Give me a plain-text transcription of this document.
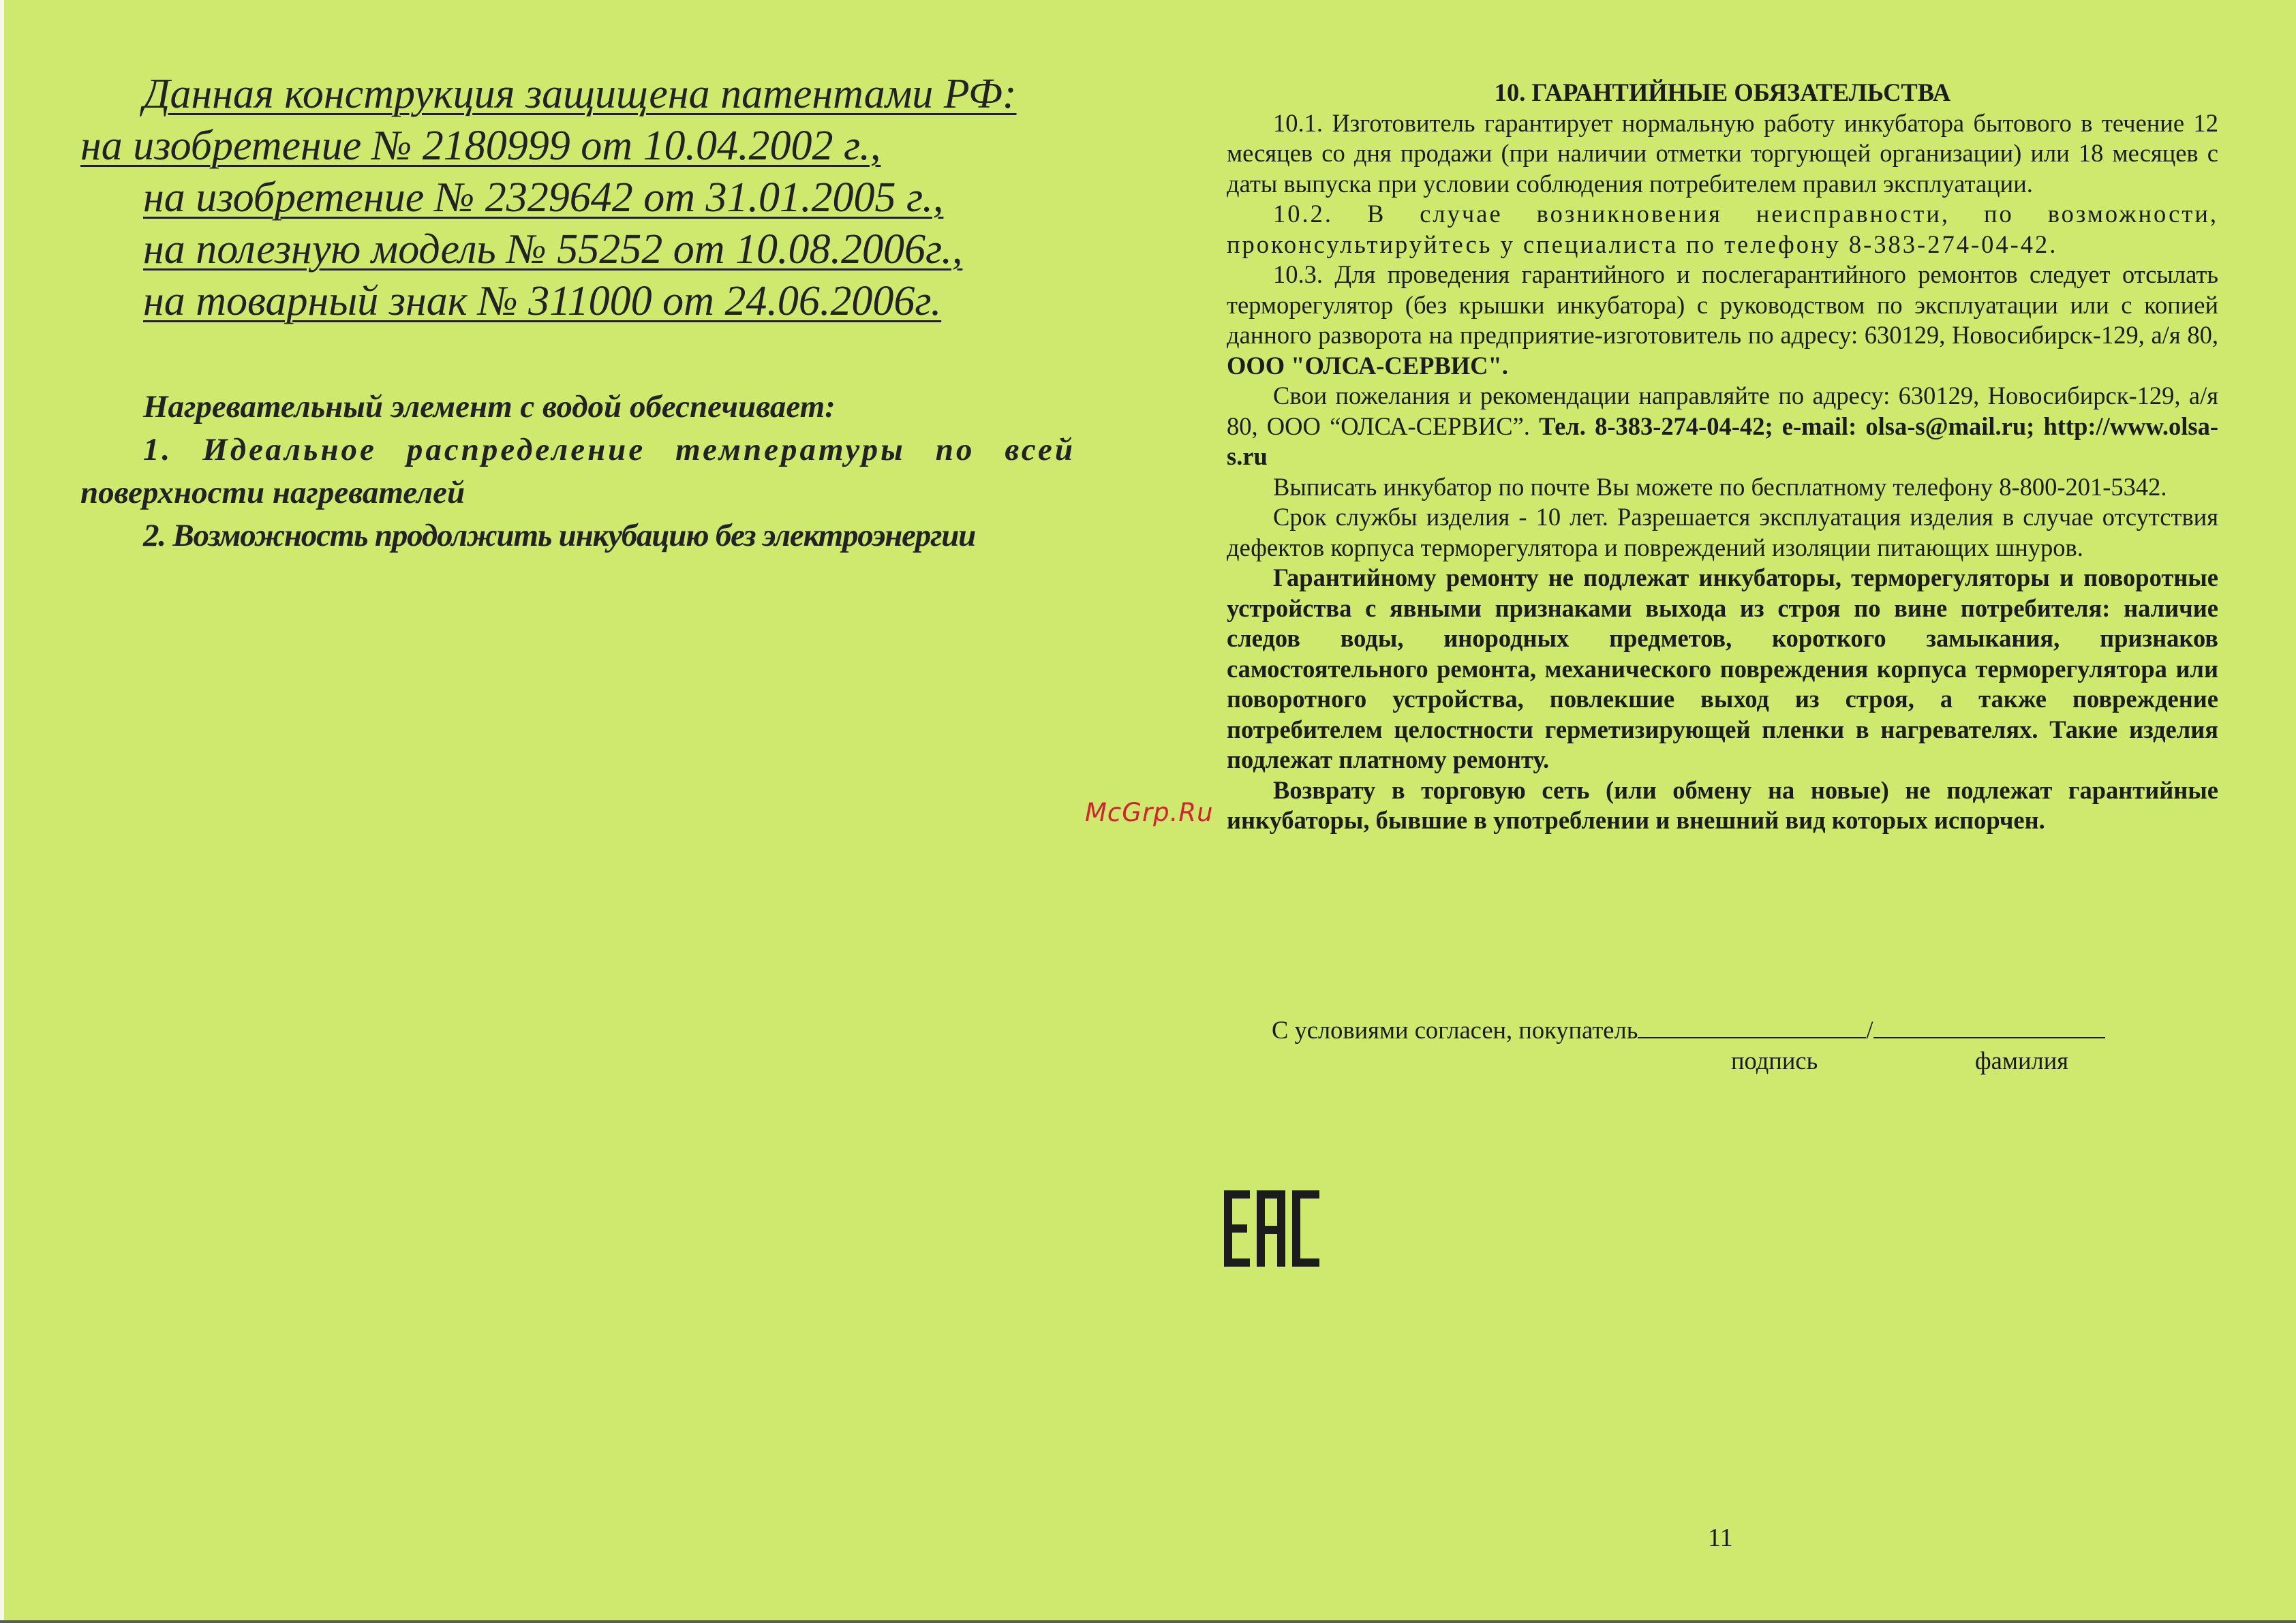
Данная конструкция защищена патентами РФ:
на изобретение № 2180999 от 10.04.2002 г.,
на изобретение № 2329642 от 31.01.2005 г.,
на полезную модель № 55252 от 10.08.2006г.,
на товарный знак № 311000 от 24.06.2006г.
Нагревательный элемент с водой обеспечивает:
1. Идеальное распределение температуры по всей
поверхности нагревателей
2. Возможность продолжить инкубацию без электроэнергии
10. ГАРАНТИЙНЫЕ ОБЯЗАТЕЛЬСТВА

10.1. Изготовитель гарантирует нормальную работу инкубатора бытового в течение 12 месяцев со дня продажи (при наличии отметки торгующей организации) или 18 месяцев с даты выпуска при условии соблюдения потребителем правил эксплуатации.

10.2. В случае возникновения неисправности, по возможности, проконсультируйтесь у специалиста по телефону 8-383-274-04-42.

10.3. Для проведения гарантийного и послегарантийного ремонтов следует отсылать терморегулятор (без крышки инкубатора) с руководством по эксплуатации или с копией данного разворота на предприятие-изготовитель по адресу: 630129, Новосибирск-129, а/я 80, ООО "ОЛСА-СЕРВИС".

Свои пожелания и рекомендации направляйте по адресу: 630129, Новосибирск-129, а/я 80, ООО “ОЛСА-СЕРВИС”. Тел. 8-383-274-04-42; e-mail: olsa-s@mail.ru; http://www.olsa-s.ru

Выписать инкубатор по почте Вы можете по бесплатному телефону 8-800-201-5342.

Срок службы изделия - 10 лет. Разрешается эксплуатация изделия в случае отсутствия дефектов корпуса терморегулятора и повреждений изоляции питающих шнуров.

Гарантийному ремонту не подлежат инкубаторы, терморегуляторы и поворотные устройства с явными признаками выхода из строя по вине потребителя: наличие следов воды, инородных предметов, короткого замыкания, признаков самостоятельного ремонта, механического повреждения корпуса терморегулятора или поворотного устройства, повлекшие выход из строя, а также повреждение потребителем целостности герметизирующей пленки в нагревателях. Такие изделия подлежат платному ремонту.

Возврату в торговую сеть (или обмену на новые) не подлежат гарантийные инкубаторы, бывшие в употреблении и внешний вид которых испорчен.

С условиями согласен, покупатель	/
подпись	фамилия
McGrp.Ru
11
